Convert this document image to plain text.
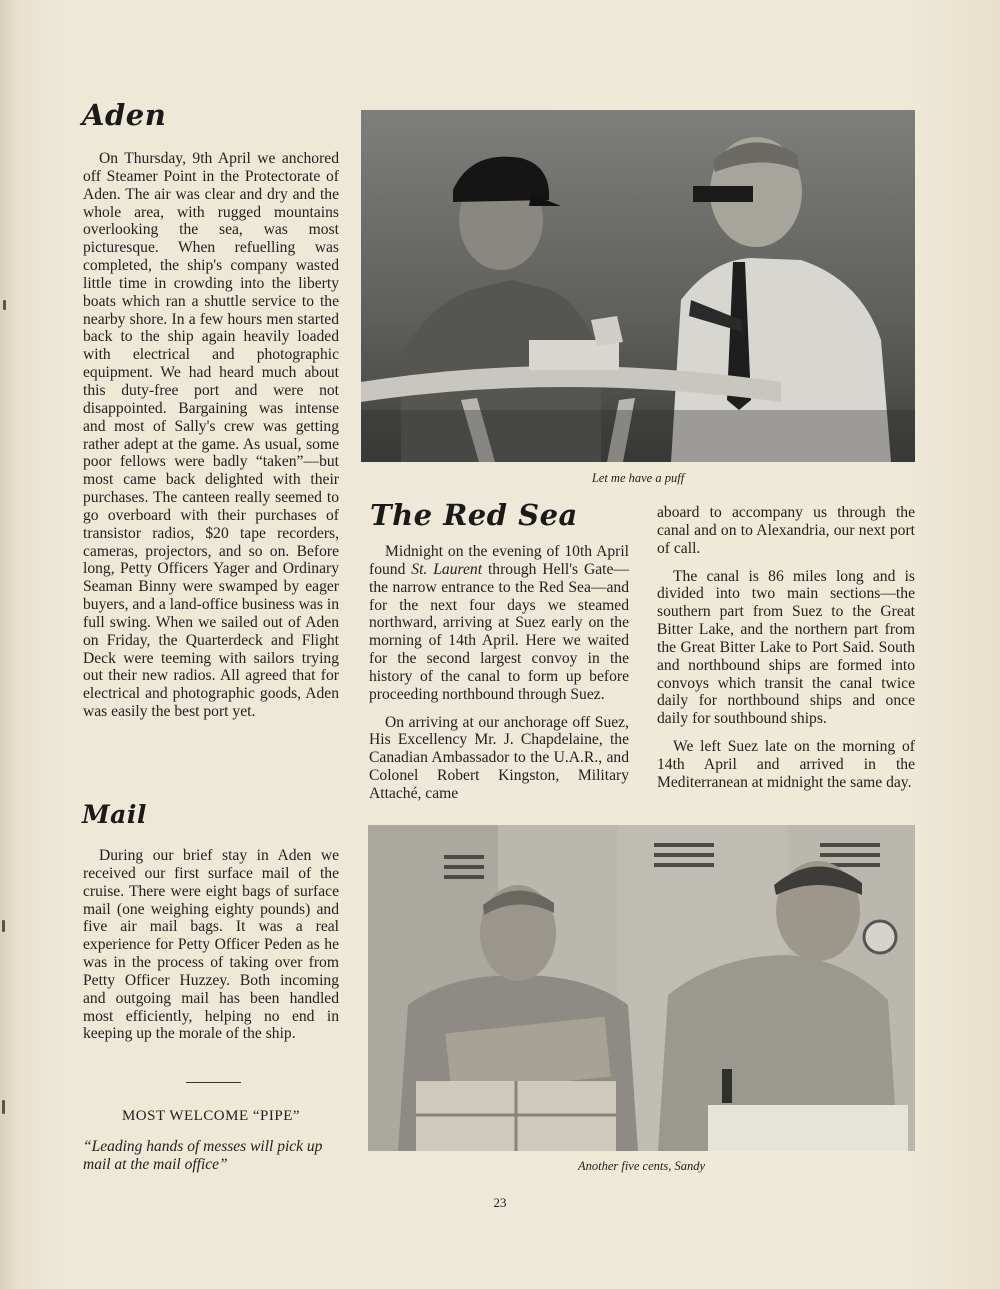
Aden

On Thursday, 9th April we anchored off Steamer Point in the Protectorate of Aden. The air was clear and dry and the whole area, with rugged mountains overlooking the sea, was most picturesque. When refuelling was completed, the ship's company wasted little time in crowding into the liberty boats which ran a shuttle service to the nearby shore. In a few hours men started back to the ship again heavily loaded with electrical and photographic equipment. We had heard much about this duty-free port and were not disappointed. Bargaining was intense and most of Sally's crew was getting rather adept at the game. As usual, some poor fellows were badly “taken”—but most came back delighted with their purchases. The canteen really seemed to go overboard with their purchases of transistor radios, $20 tape recorders, cameras, projectors, and so on. Before long, Petty Officers Yager and Ordinary Seaman Binny were swamped by eager buyers, and a land-office business was in full swing. When we sailed out of Aden on Friday, the Quarterdeck and Flight Deck were teeming with sailors trying out their new radios. All agreed that for electrical and photographic goods, Aden was easily the best port yet.

Mail

During our brief stay in Aden we received our first surface mail of the cruise. There were eight bags of surface mail (one weighing eighty pounds) and five air mail bags. It was a real experience for Petty Officer Peden as he was in the process of taking over from Petty Officer Huzzey. Both incoming and outgoing mail has been handled most efficiently, helping no end in keeping up the morale of the ship.

MOST WELCOME “PIPE”
“Leading hands of messes will pick up mail at the mail office”
Let me have a puff
The Red Sea

Midnight on the evening of 10th April found St. Laurent through Hell's Gate—the narrow entrance to the Red Sea—and for the next four days we steamed northward, arriving at Suez early on the morning of 14th April. Here we waited for the second largest convoy in the history of the canal to form up before proceeding northbound through Suez.

On arriving at our anchorage off Suez, His Excellency Mr. J. Chapdelaine, the Canadian Ambassador to the U.A.R., and Colonel Robert Kingston, Military Attaché, came

aboard to accompany us through the canal and on to Alexandria, our next port of call.

The canal is 86 miles long and is divided into two main sections—the southern part from Suez to the Great Bitter Lake, and the northern part from the Great Bitter Lake to Port Said. South and northbound ships are formed into convoys which transit the canal twice daily for northbound ships and once daily for southbound ships.

We left Suez late on the morning of 14th April and arrived in the Mediterranean at midnight the same day.

Another five cents, Sandy
23
